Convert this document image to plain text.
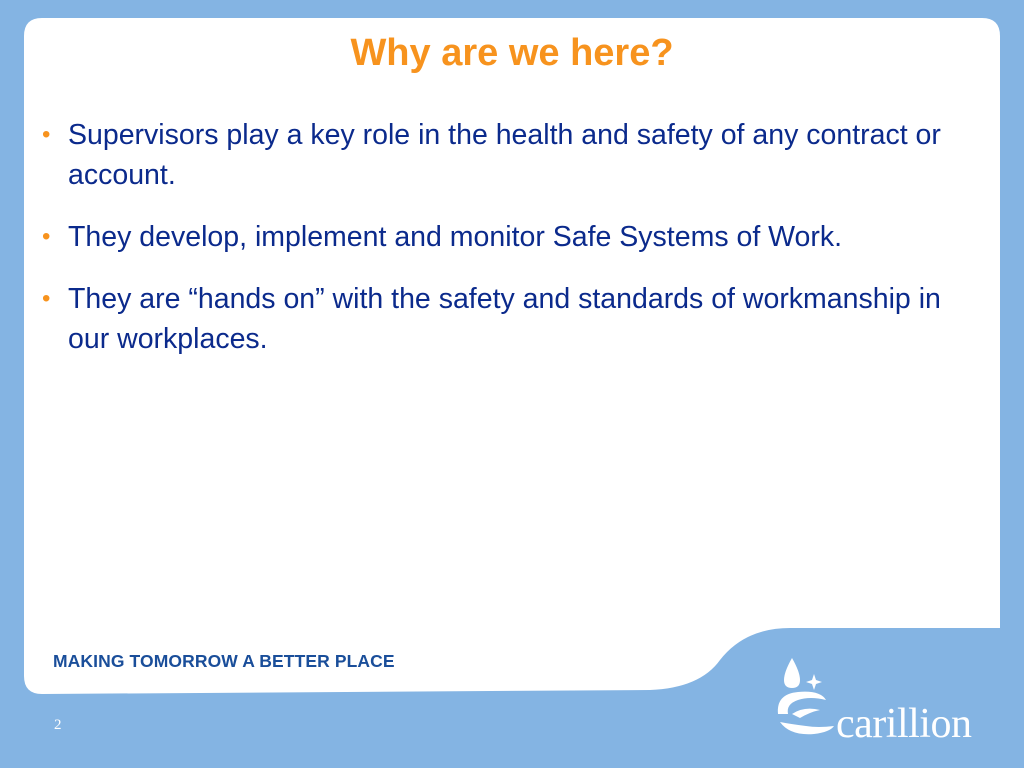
Why are we here?
• Supervisors play a key role in the health and safety of any contract or account.
• They develop, implement and monitor Safe Systems of Work.
• They are “hands on” with the safety and standards of workmanship in our workplaces.
MAKING TOMORROW A BETTER PLACE
2	carillion
